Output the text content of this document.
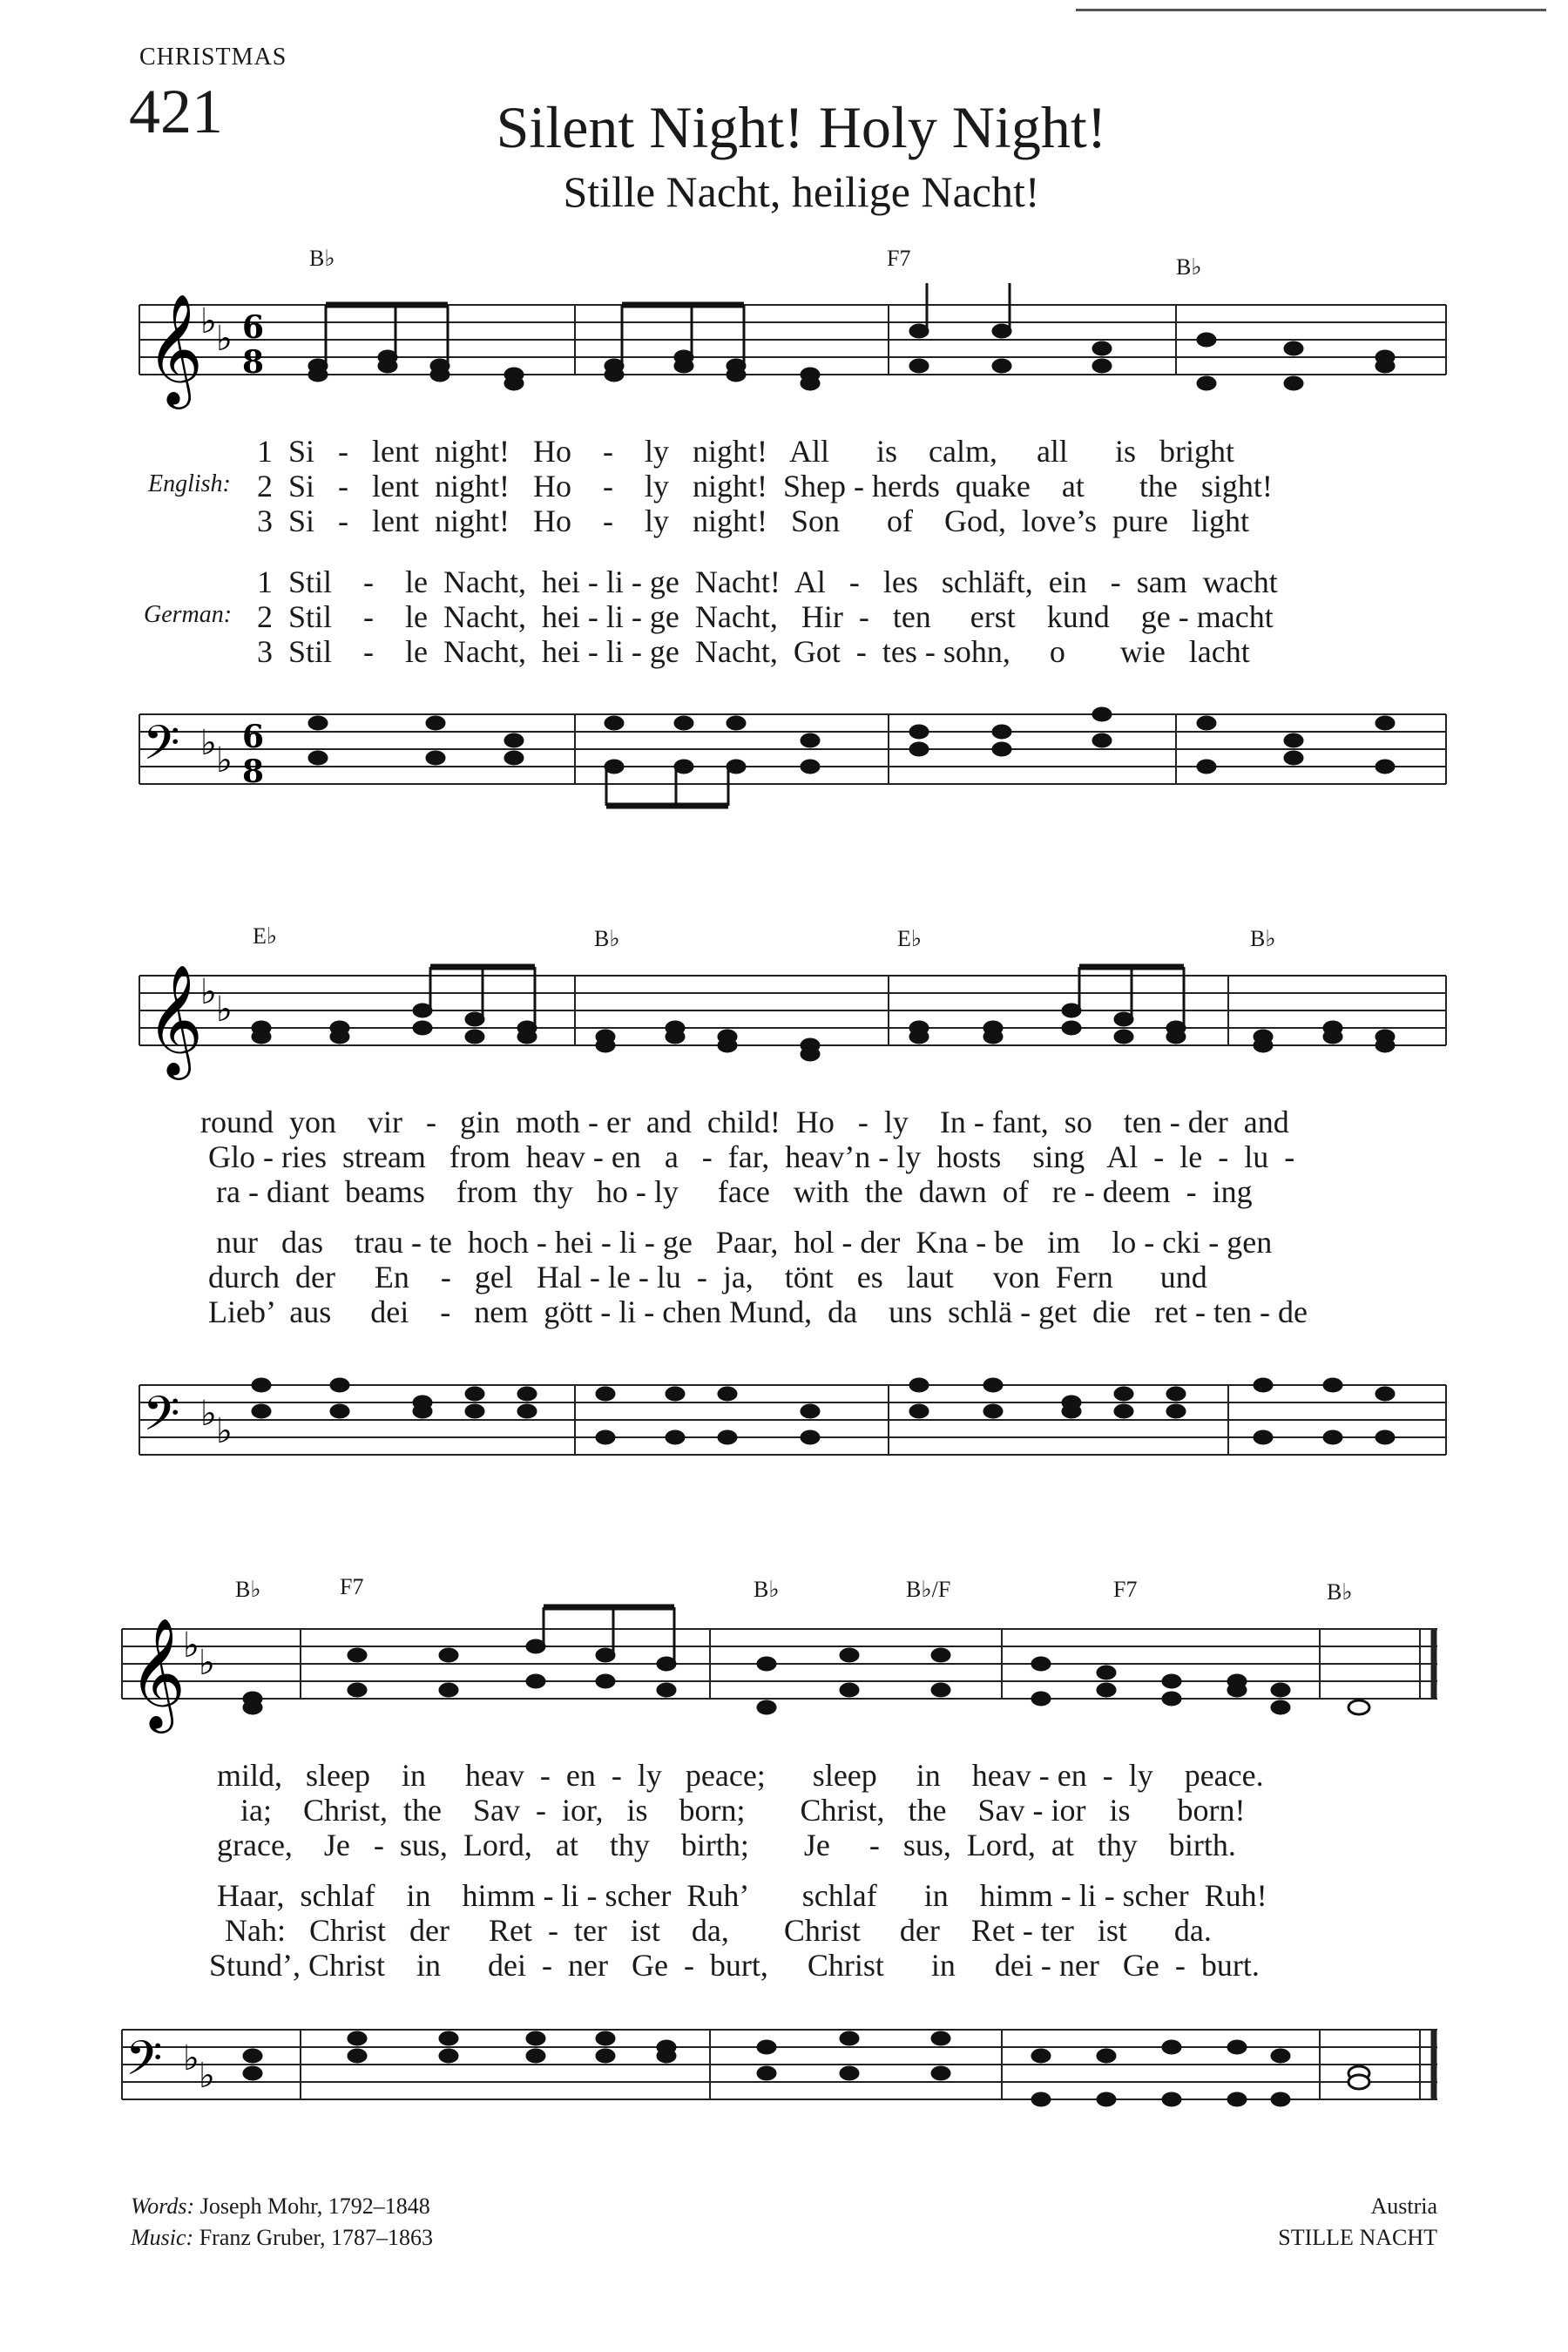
CHRISTMAS
421	Silent Night! Holy Night!
Stille Nacht, heilige Nacht!
B♭	F7	B♭
𝄞
♭ ♭ 6
8
English:
1  Si   -   lent  night!   Ho    -    ly   night!   All      is    calm,     all      is   bright
2  Si   -   lent  night!   Ho    -    ly   night!  Shep - herds  quake    at       the   sight!
3  Si   -   lent  night!   Ho    -    ly   night!   Son      of    God,  love’s  pure   light
German:
1  Stil    -    le  Nacht,  hei - li - ge  Nacht!  Al   -   les   schläft,  ein   -  sam  wacht
2  Stil    -    le  Nacht,  hei - li - ge  Nacht,   Hir  -   ten     erst    kund    ge - macht
3  Stil    -    le  Nacht,  hei - li - ge  Nacht,  Got  -  tes - sohn,     o       wie   lacht
𝄢 ♭ ♭
6
8
E♭	B♭	E♭	B♭
𝄞
♭ ♭
round  yon    vir   -   gin  moth - er  and  child!  Ho   -  ly    In - fant,  so    ten - der  and
Glo - ries  stream   from  heav - en   a   -  far,  heav’n - ly  hosts    sing   Al  -  le  -  lu  -
ra - diant  beams    from  thy   ho - ly     face   with  the  dawn  of   re - deem  -  ing
nur   das    trau - te  hoch - hei - li - ge   Paar,  hol - der  Kna - be   im    lo - cki - gen
durch  der     En    -   gel   Hal - le - lu  -  ja,    tönt   es   laut     von  Fern      und
Lieb’  aus     dei    -   nem  gött - li - chen Mund,  da    uns  schlä - get  die   ret - ten - de
𝄢 ♭ ♭
B♭	F7	B♭	B♭/F	F7	B♭
𝄞
♭ ♭
mild,   sleep    in     heav  -  en  -  ly   peace;      sleep     in    heav - en  -  ly    peace.
ia;    Christ,  the    Sav  -  ior,   is    born;       Christ,   the    Sav - ior   is      born!
grace,    Je   -  sus,  Lord,   at    thy    birth;       Je     -   sus,  Lord,  at   thy    birth.
Haar,  schlaf    in    himm - li - scher  Ruh’       schlaf      in    himm - li - scher  Ruh!
Nah:   Christ   der     Ret  -  ter   ist    da,       Christ     der    Ret - ter   ist      da.
Stund’, Christ    in      dei  -  ner   Ge  -  burt,     Christ      in     dei - ner   Ge  -  burt.
𝄢 ♭ ♭
Words: Joseph Mohr, 1792–1848
Music: Franz Gruber, 1787–1863
Austria
STILLE NACHT
